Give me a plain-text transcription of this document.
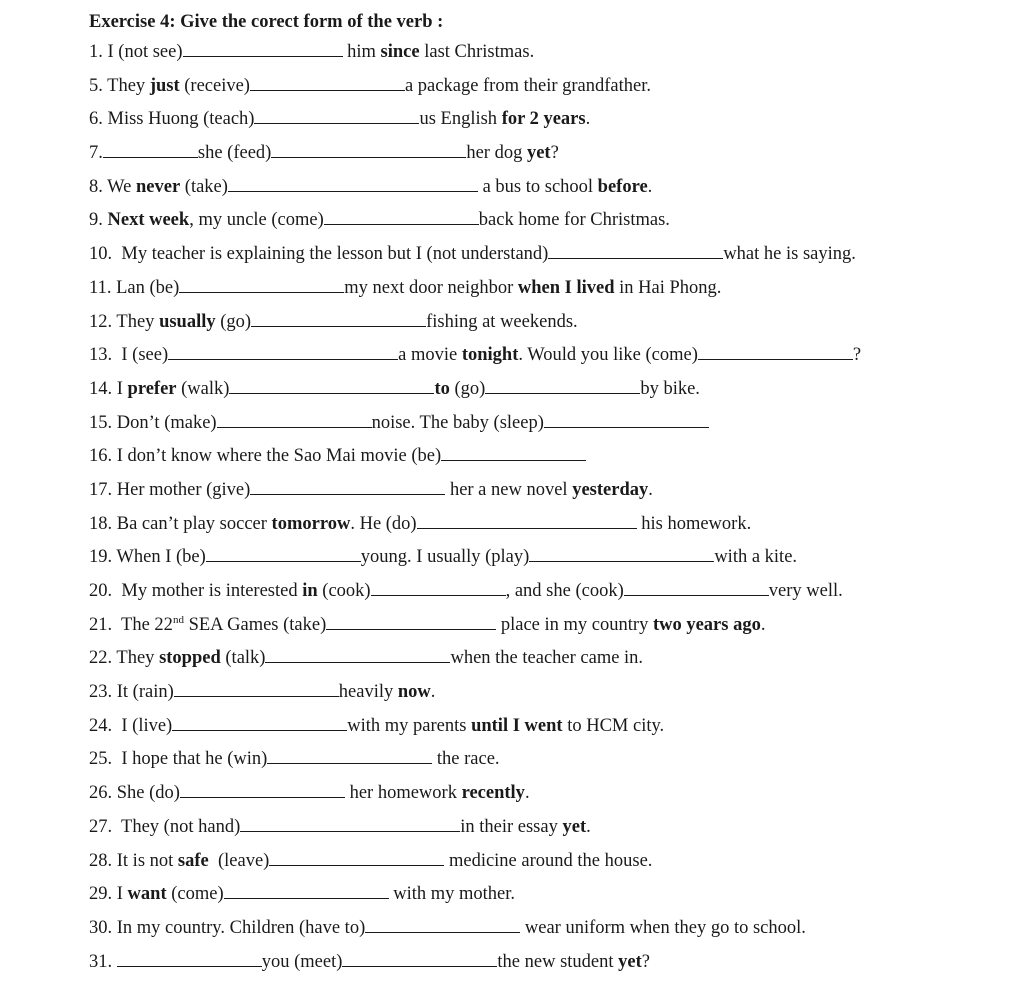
Exercise 4: Give the corect form of the verb :
1. I (not see)	him since last Christmas.
5. They just (receive)	a package from their grandfather.
6. Miss Huong (teach)	us English for 2 years.
7.	she (feed)	her dog yet?
8. We never (take)	a bus to school before.
9. Next week, my uncle (come)	back home for Christmas.
10.  My teacher is explaining the lesson but I (not understand)	what he is saying.
11. Lan (be)	my next door neighbor when I lived in Hai Phong.
12. They usually (go)	fishing at weekends.
13.  I (see)	a movie tonight. Would you like (come)	?
14. I prefer (walk)	to (go)	by bike.
15. Don’t (make)	noise. The baby (sleep)
16. I don’t know where the Sao Mai movie (be)
17. Her mother (give)	her a new novel yesterday.
18. Ba can’t play soccer tomorrow. He (do)	his homework.
19. When I (be)	young. I usually (play)	with a kite.
20.  My mother is interested in (cook)	, and she (cook)	very well.
21.  The 22nd SEA Games (take)	place in my country two years ago.
22. They stopped (talk)	when the teacher came in.
23. It (rain)	heavily now.
24.  I (live)	with my parents until I went to HCM city.
25.  I hope that he (win)	the race.
26. She (do)	her homework recently.
27.  They (not hand)	in their essay yet.
28. It is not safe  (leave)	medicine around the house.
29. I want (come)	with my mother.
30. In my country. Children (have to)	wear uniform when they go to school.
31.	you (meet)	the new student yet?
